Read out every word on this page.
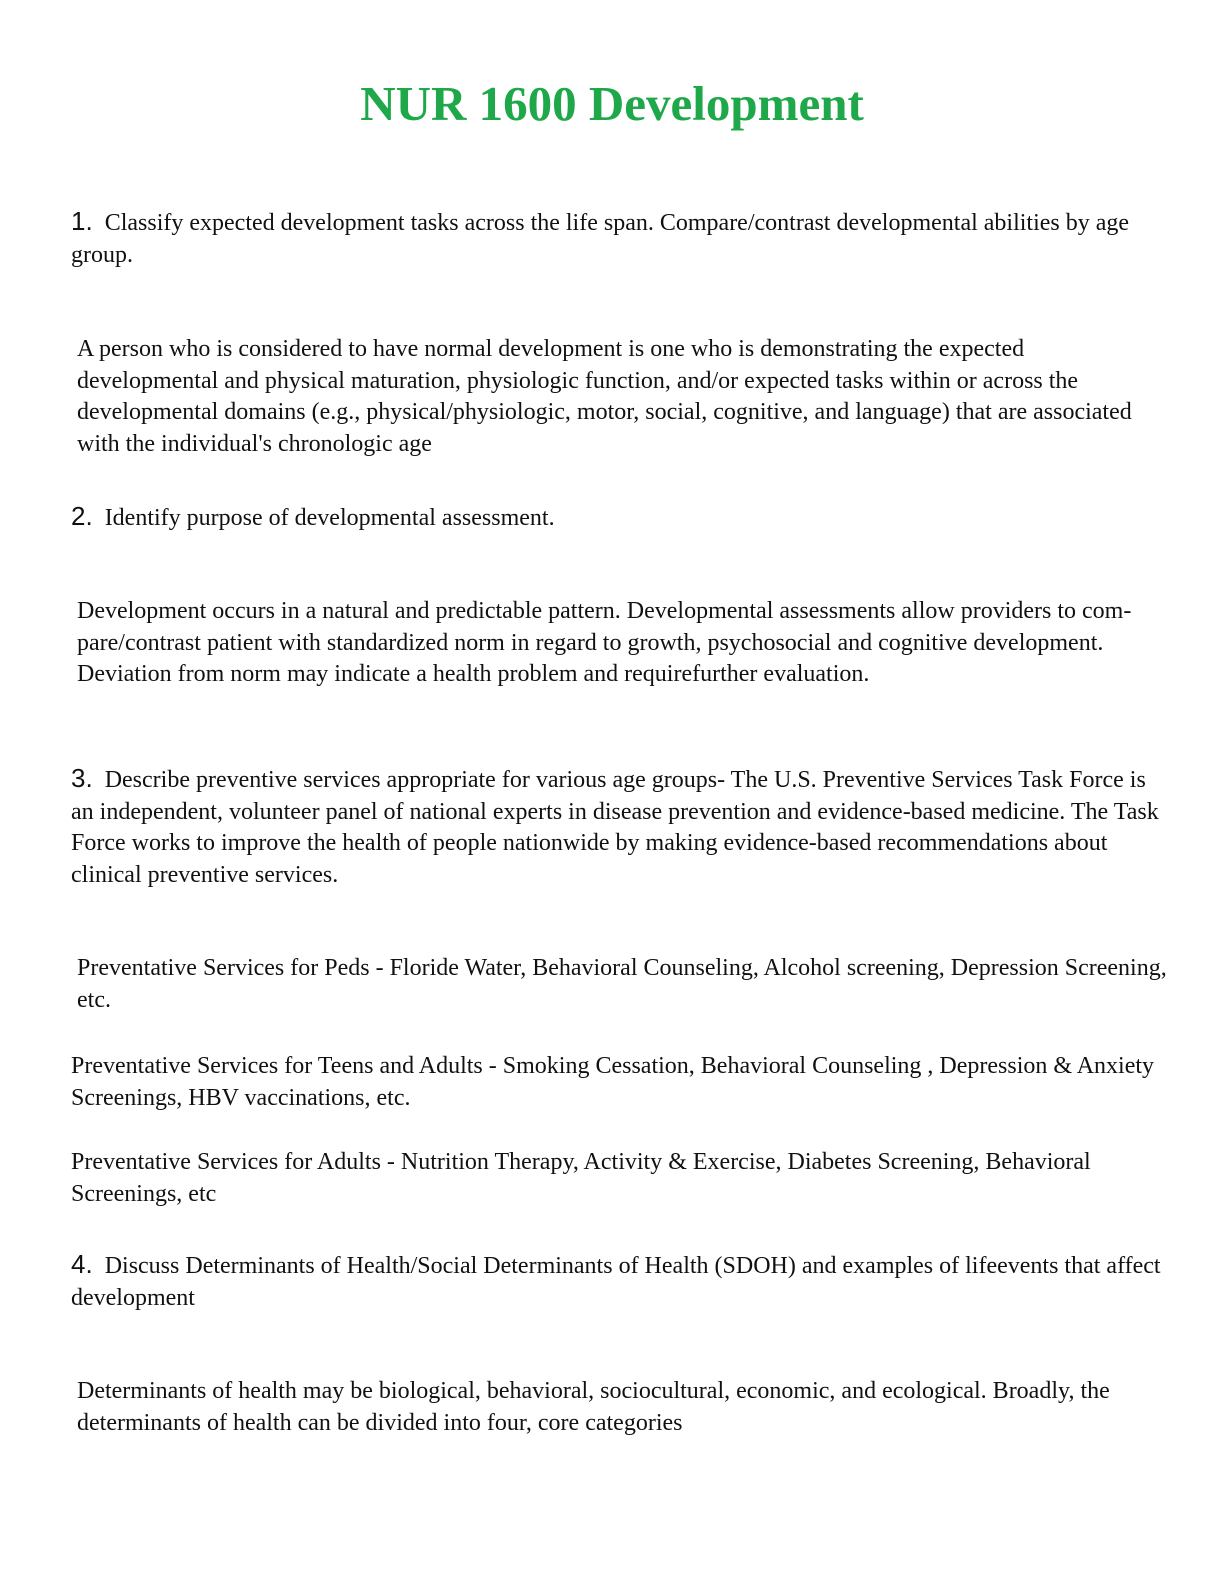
NUR 1600 Development

1. Classify expected development tasks across the life span. Compare/contrast developmental abilities by age group.

A person who is considered to have normal development is one who is demonstrating the expected developmental and physical maturation, physiologic function, and/or expected tasks within or across the developmental domains (e.g., physical/physiologic, motor, social, cognitive, and language) that are associated with the individual's chronologic age

2. Identify purpose of developmental assessment.

Development occurs in a natural and predictable pattern. Developmental assessments allow providers to com- pare/contrast patient with standardized norm in regard to growth, psychosocial and cognitive development. Deviation from norm may indicate a health problem and requirefurther evaluation.

3. Describe preventive services appropriate for various age groups- The U.S. Preventive Services Task Force is an independent, volunteer panel of national experts in disease prevention and evidence-based medicine. The Task Force works to improve the health of people nationwide by making evidence-based recommendations about clinical preventive services.

Preventative Services for Peds - Floride Water, Behavioral Counseling, Alcohol screening, Depression Screening, etc.

Preventative Services for Teens and Adults - Smoking Cessation, Behavioral Counseling , Depression & Anxiety Screenings, HBV vaccinations, etc.

Preventative Services for Adults - Nutrition Therapy, Activity & Exercise, Diabetes Screening, Behavioral Screenings, etc

4. Discuss Determinants of Health/Social Determinants of Health (SDOH) and examples of lifeevents that affect development

Determinants of health may be biological, behavioral, sociocultural, economic, and ecological. Broadly, the determinants of health can be divided into four, core categories
